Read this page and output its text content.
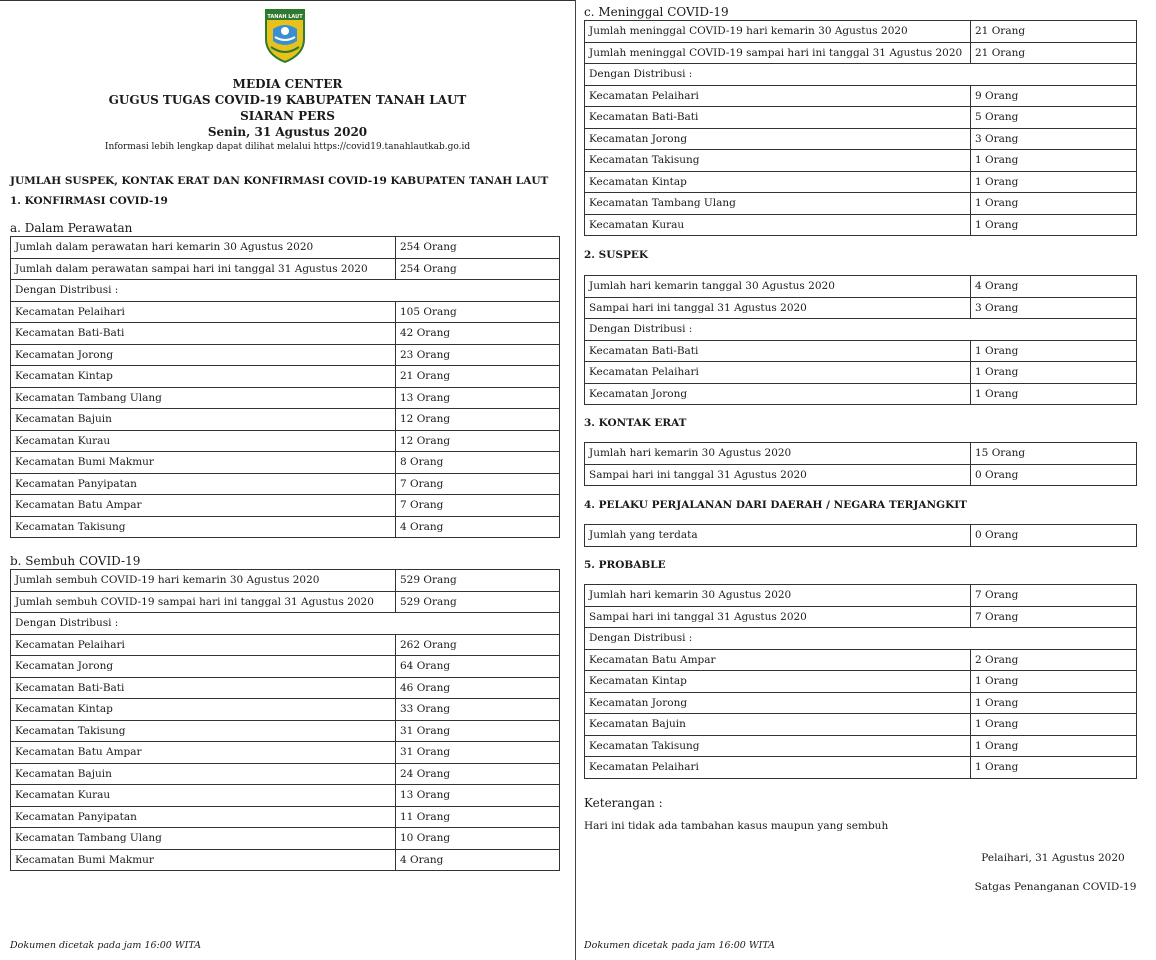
TANAH LAUT
MEDIA CENTER
GUGUS TUGAS COVID-19 KABUPATEN TANAH LAUT
SIARAN PERS
Senin, 31 Agustus 2020
Informasi lebih lengkap dapat dilihat melalui https://covid19.tanahlautkab.go.id
JUMLAH SUSPEK, KONTAK ERAT DAN KONFIRMASI COVID-19 KABUPATEN TANAH LAUT
1. KONFIRMASI COVID-19
a. Dalam Perawatan
Jumlah dalam perawatan hari kemarin 30 Agustus 2020	254 Orang
Jumlah dalam perawatan sampai hari ini tanggal 31 Agustus 2020	254 Orang
Dengan Distribusi :	
Kecamatan Pelaihari	105 Orang
Kecamatan Bati-Bati	42 Orang
Kecamatan Jorong	23 Orang
Kecamatan Kintap	21 Orang
Kecamatan Tambang Ulang	13 Orang
Kecamatan Bajuin	12 Orang
Kecamatan Kurau	12 Orang
Kecamatan Bumi Makmur	8 Orang
Kecamatan Panyipatan	7 Orang
Kecamatan Batu Ampar	7 Orang
Kecamatan Takisung	4 Orang
b. Sembuh COVID-19
Jumlah sembuh COVID-19 hari kemarin 30 Agustus 2020	529 Orang
Jumlah sembuh COVID-19 sampai hari ini tanggal 31 Agustus 2020	529 Orang
Dengan Distribusi :	
Kecamatan Pelaihari	262 Orang
Kecamatan Jorong	64 Orang
Kecamatan Bati-Bati	46 Orang
Kecamatan Kintap	33 Orang
Kecamatan Takisung	31 Orang
Kecamatan Batu Ampar	31 Orang
Kecamatan Bajuin	24 Orang
Kecamatan Kurau	13 Orang
Kecamatan Panyipatan	11 Orang
Kecamatan Tambang Ulang	10 Orang
Kecamatan Bumi Makmur	4 Orang
Dokumen dicetak pada jam 16:00 WITA
c. Meninggal COVID-19
Jumlah meninggal COVID-19 hari kemarin 30 Agustus 2020	21 Orang
Jumlah meninggal COVID-19 sampai hari ini tanggal 31 Agustus 2020	21 Orang
Dengan Distribusi :	
Kecamatan Pelaihari	9 Orang
Kecamatan Bati-Bati	5 Orang
Kecamatan Jorong	3 Orang
Kecamatan Takisung	1 Orang
Kecamatan Kintap	1 Orang
Kecamatan Tambang Ulang	1 Orang
Kecamatan Kurau	1 Orang
2. SUSPEK
Jumlah hari kemarin tanggal 30 Agustus 2020	4 Orang
Sampai hari ini tanggal 31 Agustus 2020	3 Orang
Dengan Distribusi :	
Kecamatan Bati-Bati	1 Orang
Kecamatan Pelaihari	1 Orang
Kecamatan Jorong	1 Orang
3. KONTAK ERAT
Jumlah hari kemarin 30 Agustus 2020	15 Orang
Sampai hari ini tanggal 31 Agustus 2020	0 Orang
4. PELAKU PERJALANAN DARI DAERAH / NEGARA TERJANGKIT
Jumlah yang terdata	0 Orang
5. PROBABLE
Jumlah hari kemarin 30 Agustus 2020	7 Orang
Sampai hari ini tanggal 31 Agustus 2020	7 Orang
Dengan Distribusi :	
Kecamatan Batu Ampar	2 Orang
Kecamatan Kintap	1 Orang
Kecamatan Jorong	1 Orang
Kecamatan Bajuin	1 Orang
Kecamatan Takisung	1 Orang
Kecamatan Pelaihari	1 Orang
Keterangan :
Hari ini tidak ada tambahan kasus maupun yang sembuh
Pelaihari, 31 Agustus 2020
Satgas Penanganan COVID-19
Dokumen dicetak pada jam 16:00 WITA
